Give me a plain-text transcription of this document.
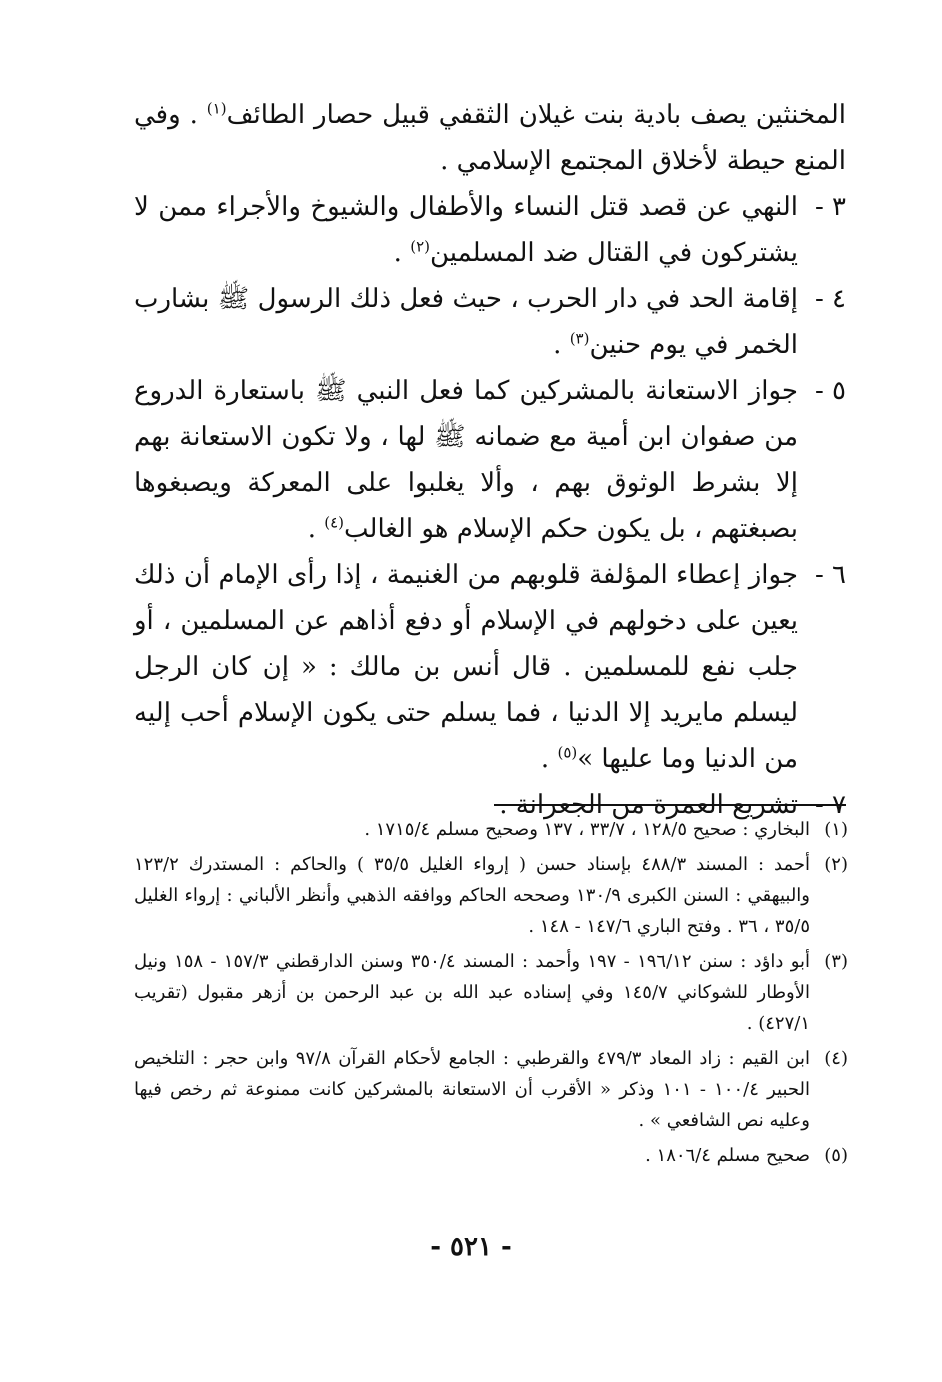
المخنثين يصف بادية بنت غيلان الثقفي قبيل حصار الطائف$^{(١)}$ . وفي المنع حيطة لأخلاق المجتمع الإسلامي .

٣ -
النهي عن قصد قتل النساء والأطفال والشيوخ والأجراء ممن لا يشتركون في القتال ضد المسلمين$^{(٢)}$ .

٤ -
إقامة الحد في دار الحرب ، حيث فعل ذلك الرسول ﷺ بشارب الخمر في يوم حنين$^{(٣)}$ .

٥ -
جواز الاستعانة بالمشركين كما فعل النبي ﷺ باستعارة الدروع من صفوان ابن أمية مع ضمانه ﷺ لها ، ولا تكون الاستعانة بهم إلا بشرط الوثوق بهم ، وألا يغلبوا على المعركة ويصبغوها بصبغتهم ، بل يكون حكم الإسلام هو الغالب$^{(٤)}$ .

٦ -
جواز إعطاء المؤلفة قلوبهم من الغنيمة ، إذا رأى الإمام أن ذلك يعين على دخولهم في الإسلام أو دفع أذاهم عن المسلمين ، أو جلب نفع للمسلمين . قال أنس بن مالك : « إن كان الرجل ليسلم مايريد إلا الدنيا ، فما يسلم حتى يكون الإسلام أحب إليه من الدنيا وما عليها »$^{(٥)}$ .

٧ -
تشريع العمرة من الجعرانة .

(١)
البخاري : صحيح ١٢٨/٥ ، ٣٣/٧ ، ١٣٧ وصحيح مسلم ١٧١٥/٤ .

(٢)
أحمد : المسند ٤٨٨/٣ بإسناد حسن ( إرواء الغليل ٣٥/٥ ) والحاكم : المستدرك ١٢٣/٢ والبيهقي : السنن الكبرى ١٣٠/٩ وصححه الحاكم ووافقه الذهبي وأنظر الألباني : إرواء الغليل ٣٥/٥ ، ٣٦ . وفتح الباري ١٤٧/٦ - ١٤٨ .

(٣)
أبو داؤد : سنن ١٩٦/١٢ - ١٩٧ وأحمد : المسند ٣٥٠/٤ وسنن الدارقطني ١٥٧/٣ - ١٥٨ ونيل الأوطار للشوكاني ١٤٥/٧ وفي إسناده عبد الله بن عبد الرحمن بن أزهر مقبول (تقريب ٤٢٧/١) .

(٤)
ابن القيم : زاد المعاد ٤٧٩/٣ والقرطبي : الجامع لأحكام القرآن ٩٧/٨ وابن حجر : التلخيص الحبير ١٠٠/٤ - ١٠١ وذكر « الأقرب أن الاستعانة بالمشركين كانت ممنوعة ثم رخص فيها وعليه نص الشافعي » .

(٥)
صحيح مسلم ١٨٠٦/٤ .

- ٥٢١ -
